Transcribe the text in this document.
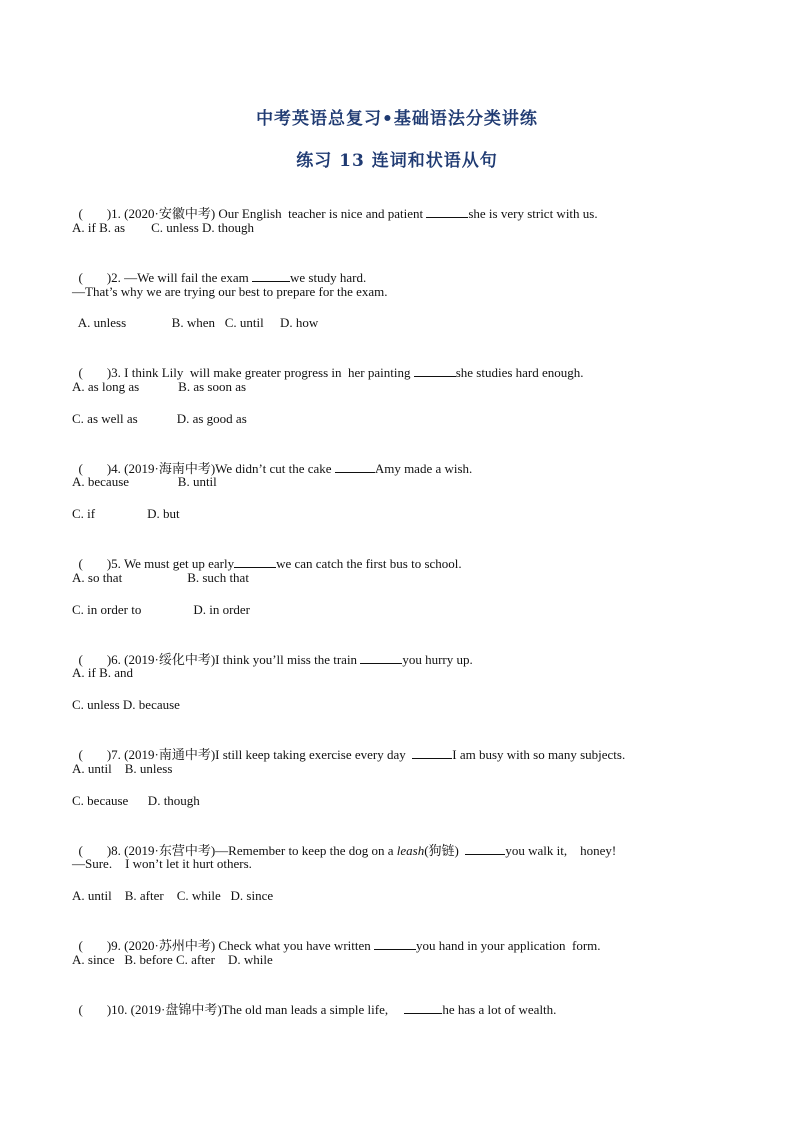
中考英语总复习•基础语法分类讲练
练习 13 连词和状语从句

( )1. (2020·安徽中考) Our English  teacher is nice and patient	she is very strict with us.

A. if B. as        C. unless D. though

( )2. —We will fail the exam	we study hard.

—That’s why we are trying our best to prepare for the exam.
A. unless              B. when   C. until     D. how

( )3. I think Lily  will make greater progress in  her painting	she studies hard enough.

A. as long as            B. as soon as
C. as well as            D. as good as

( )4. (2019·海南中考)We didn’t cut the cake	Amy made a wish.

A. because               B. until
C. if                D. but

( )5. We must get up early	we can catch the first bus to school.

A. so that                    B. such that
C. in order to                D. in order

( )6. (2019·绥化中考)I think you’ll miss the train	you hurry up.

A. if B. and
C. unless D. because

( )7. (2019·南通中考)I still keep taking exercise every day	I am busy with so many subjects.

A. until    B. unless
C. because      D. though

( )8. (2019·东营中考)—Remember to keep the dog on a leash(狗链)	you walk it,    honey!

—Sure.    I won’t let it hurt others.
A. until    B. after    C. while   D. since

( )9. (2020·苏州中考) Check what you have written	you hand in your application  form.

A. since   B. before C. after    D. while

( )10. (2019·盘锦中考)The old man leads a simple life,	he has a lot of wealth.
